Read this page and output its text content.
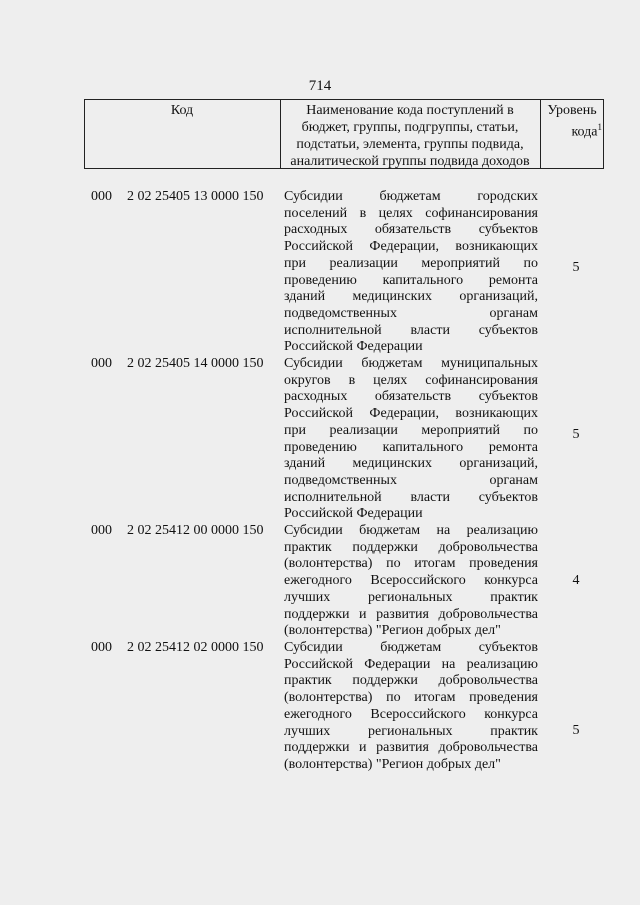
714
Код	Наименование кода поступлений в
бюджет, группы, подгруппы, статьи,
подстатьи, элемента, группы подвида,
аналитической группы подвида доходов
Уровень
кода$^1$
000 2 02 25405 13 0000 150 Субсидии бюджетам городских
поселений в целях софинансирования
расходных обязательств субъектов
Российской Федерации, возникающих
при реализации мероприятий по
проведению капитального ремонта
зданий медицинских организаций,
подведомственных органам
исполнительной власти субъектов
Российской Федерации
5
000 2 02 25405 14 0000 150 Субсидии бюджетам муниципальных
округов в целях софинансирования
расходных обязательств субъектов
Российской Федерации, возникающих
при реализации мероприятий по
проведению капитального ремонта
зданий медицинских организаций,
подведомственных органам
исполнительной власти субъектов
Российской Федерации
5
000 2 02 25412 00 0000 150 Субсидии бюджетам на реализацию
практик поддержки добровольчества
(волонтерства) по итогам проведения
ежегодного Всероссийского конкурса
лучших региональных практик
поддержки и развития добровольчества
(волонтерства) "Регион добрых дел"
4
000 2 02 25412 02 0000 150 Субсидии бюджетам субъектов
Российской Федерации на реализацию
практик поддержки добровольчества
(волонтерства) по итогам проведения
ежегодного Всероссийского конкурса
лучших региональных практик
поддержки и развития добровольчества
(волонтерства) "Регион добрых дел"
5
